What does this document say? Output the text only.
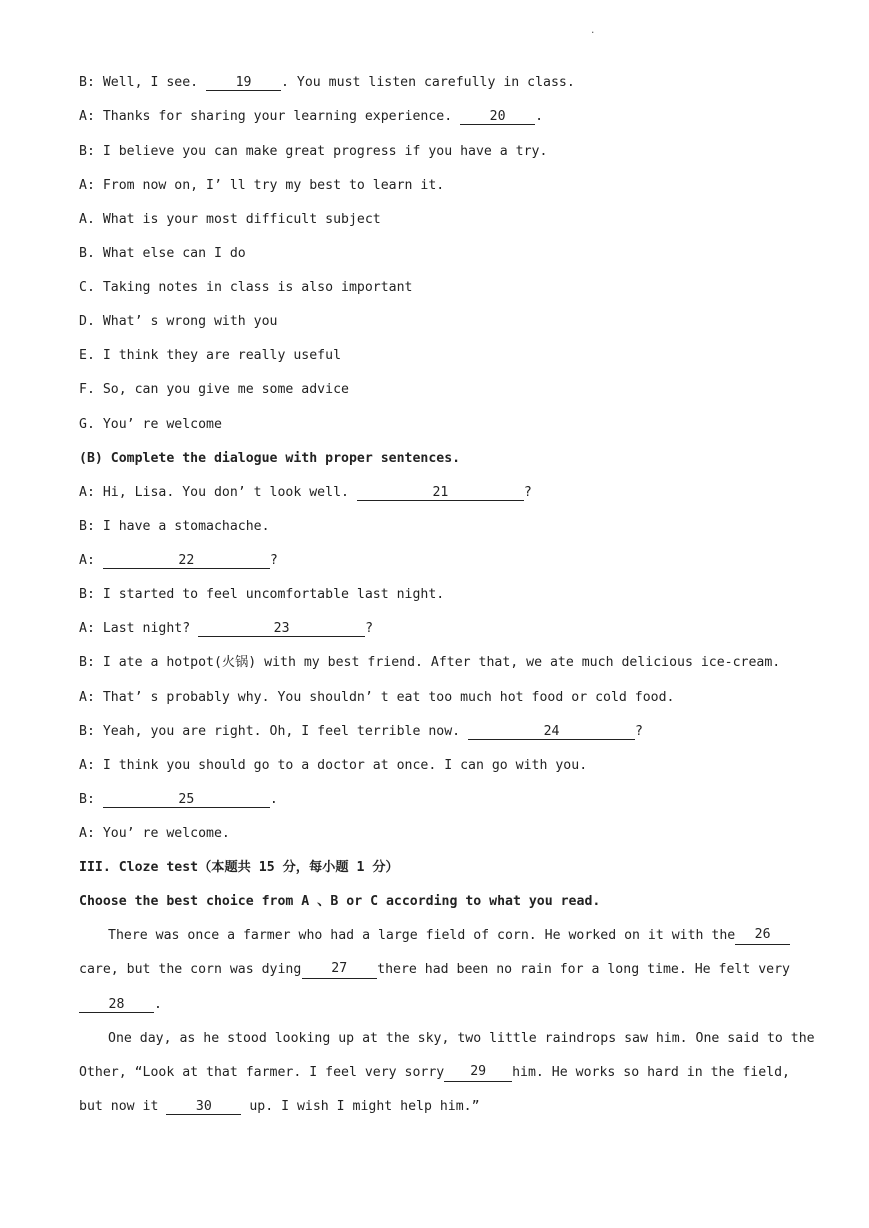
.
B: Well, I see. 19 . You must listen carefully in class.
A: Thanks for sharing your learning experience. 20 .
B: I believe you can make great progress if you have a try.
A: From now on, I’ ll try my best to learn it.
A. What is your most difficult subject
B. What else can I do
C. Taking notes in class is also important
D. What’ s wrong with you
E. I think they are really useful
F. So, can you give me some advice
G. You’ re welcome
(B) Complete the dialogue with proper sentences.
A: Hi, Lisa. You don’ t look well.	21	?
B: I have a stomachache.
A:	22	?
B: I started to feel uncomfortable last night.
A: Last night?	23	?
B: I ate a hotpot(火锅) with my best friend. After that, we ate much delicious ice-cream.
A: That’ s probably why. You shouldn’ t eat too much hot food or cold food.
B: Yeah, you are right. Oh, I feel terrible now.	24	?
A: I think you should go to a doctor at once. I can go with you.
B:	25	.
A: You’ re welcome.
III. Cloze test（本题共 15 分，每小题 1 分）
Choose the best choice from A 、B or C according to what you read.
There was once a farmer who had a large field of corn. He worked on it with the	26
care, but the corn was dying	27	there had been no rain for a long time. He felt very
28 .
One day, as he stood looking up at the sky, two little raindrops saw him. One said to the
Other, “Look at that farmer. I feel very sorry	29	him. He works so hard in the field,
but now it	30	up. I wish I might help him.”
